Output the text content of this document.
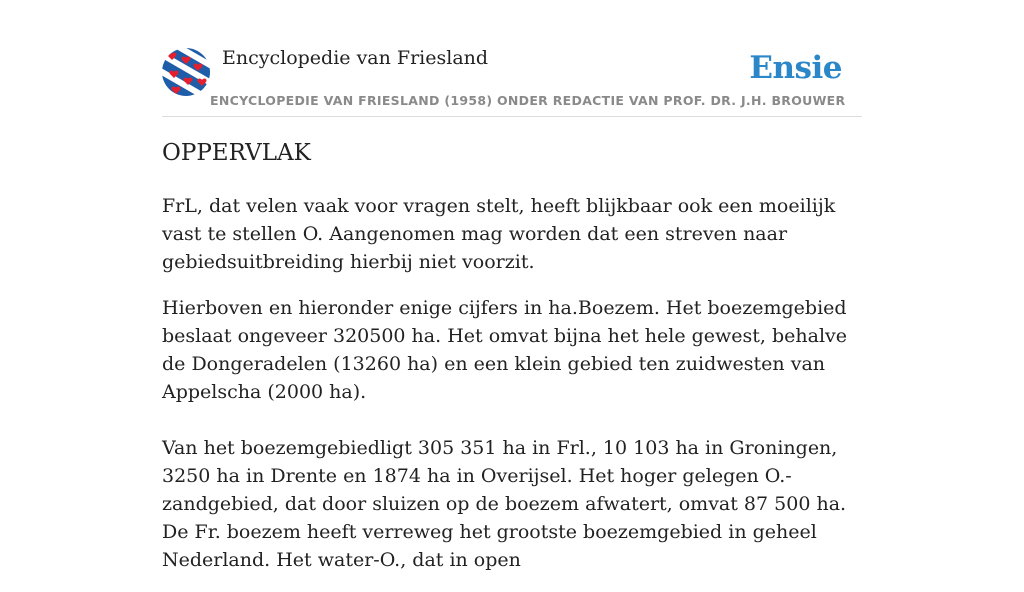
Encyclopedie van Friesland	Ensie
ENCYCLOPEDIE VAN FRIESLAND (1958) ONDER REDACTIE VAN PROF. DR. J.H. BROUWER
OPPERVLAK

FrL, dat velen vaak voor vragen stelt, heeft blijkbaar ook een moeilijk vast te stellen O. Aangenomen mag worden dat een streven naar gebiedsuitbreiding hierbij niet voorzit.

Hierboven en hieronder enige cijfers in ha.Boezem. Het boezemgebied beslaat ongeveer 320500 ha. Het omvat bijna het hele gewest, behalve de Dongeradelen (13260 ha) en een klein gebied ten zuidwesten van Appelscha (2000 ha).

Van het boezemgebiedligt 305 351 ha in Frl., 10 103 ha in Groningen, 3250 ha in Drente en 1874 ha in Overijsel. Het hoger gelegen O.-zandgebied, dat door sluizen op de boezem afwatert, omvat 87 500 ha. De Fr. boezem heeft verreweg het grootste boezemgebied in geheel Nederland. Het water-O., dat in open
